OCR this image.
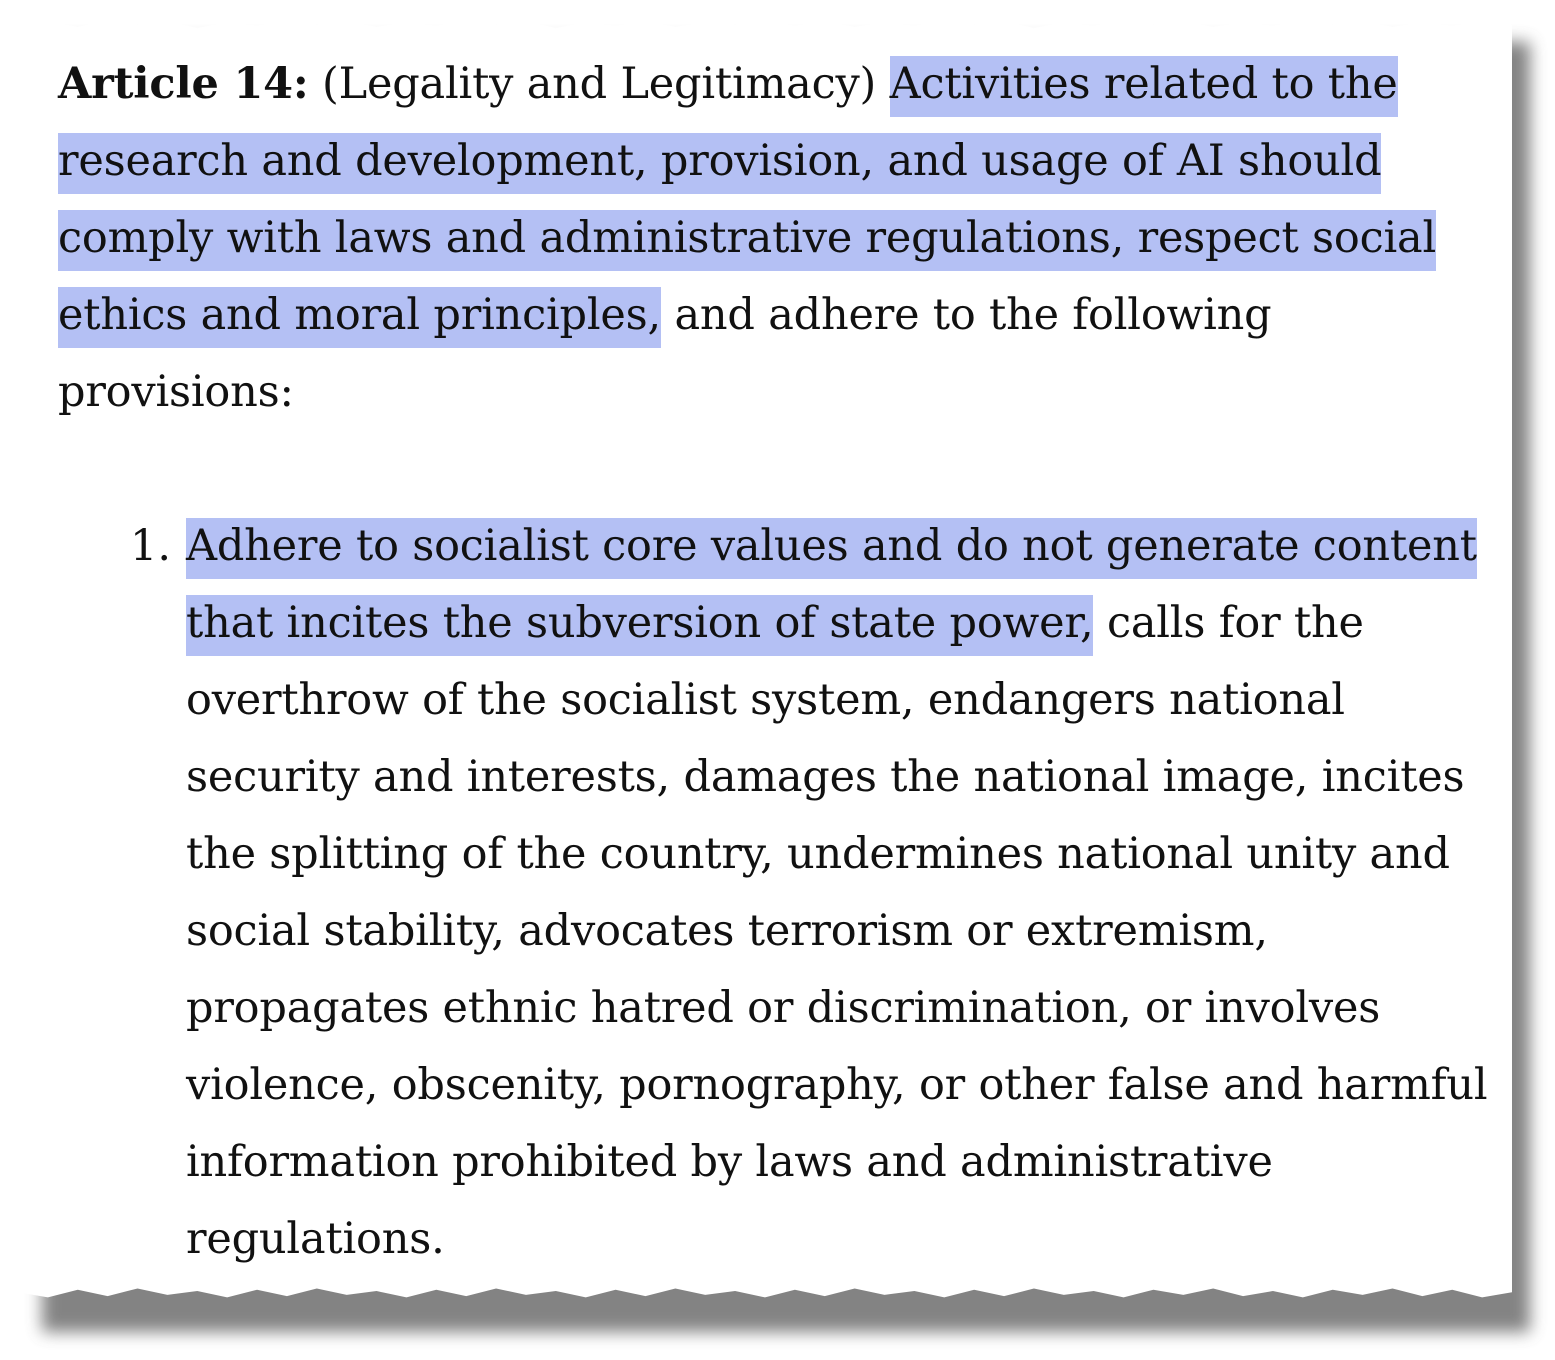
Article 14: (Legality and Legitimacy) Activities related to the research and development, provision, and usage of AI should comply with laws and administrative regulations, respect social ethics and moral principles, and adhere to the following provisions:
1. Adhere to socialist core values and do not generate content that incites the subversion of state power, calls for the overthrow of the socialist system, endangers national security and interests, damages the national image, incites the splitting of the country, undermines national unity and social stability, advocates terrorism or extremism, propagates ethnic hatred or discrimination, or involves violence, obscenity, pornography, or other false and harmful information prohibited by laws and administrative regulations.
